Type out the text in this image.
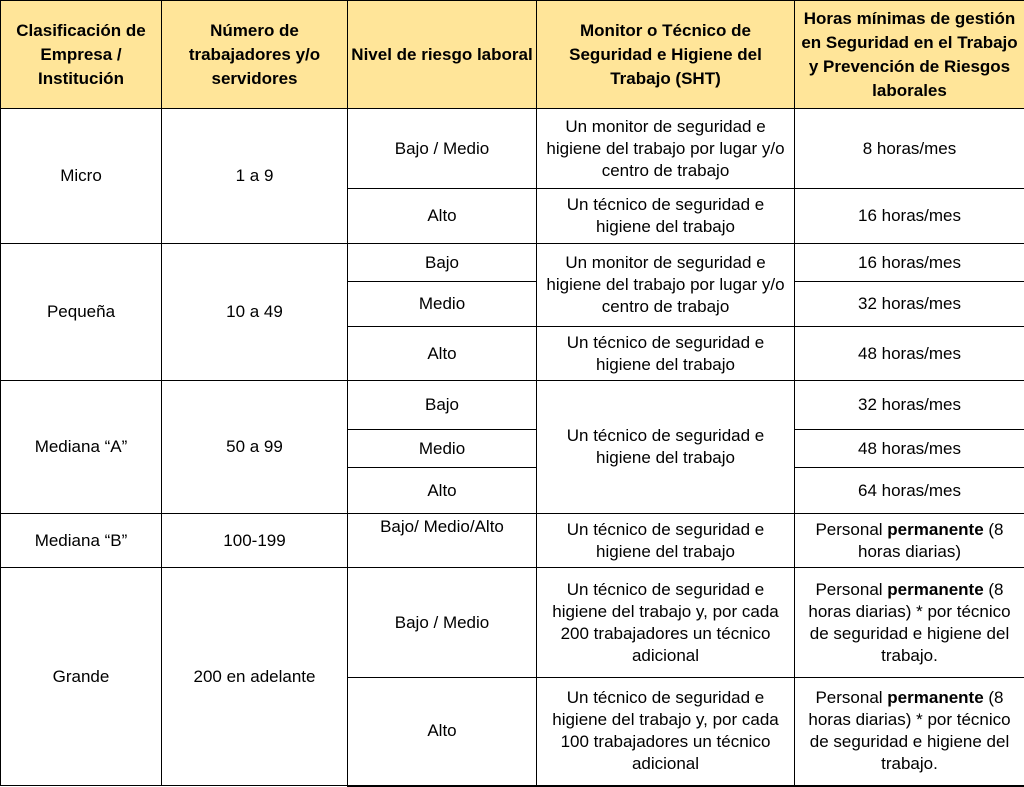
Clasificación de Empresa / Institución	Número de trabajadores y/o servidores	Nivel de riesgo laboral	Monitor o Técnico de Seguridad e Higiene del Trabajo (SHT)	Horas mínimas de gestión en Seguridad en el Trabajo y Prevención de Riesgos laborales
Micro	1 a 9	Bajo / Medio	Un monitor de seguridad e higiene del trabajo por lugar y/o centro de trabajo	8 horas/mes
		Alto	Un técnico de seguridad e higiene del trabajo	16 horas/mes
Pequeña	10 a 49	Bajo	Un monitor de seguridad e higiene del trabajo por lugar y/o centro de trabajo	16 horas/mes
		Medio		32 horas/mes
		Alto	Un técnico de seguridad e higiene del trabajo	48 horas/mes
Mediana “A”	50 a 99	Bajo	Un técnico de seguridad e higiene del trabajo	32 horas/mes
		Medio		48 horas/mes
		Alto		64 horas/mes
Mediana “B”	100-199	Bajo/ Medio/Alto	Un técnico de seguridad e higiene del trabajo	Personal permanente (8 horas diarias)
Grande	200 en adelante	Bajo / Medio	Un técnico de seguridad e higiene del trabajo y, por cada 200 trabajadores un técnico adicional	Personal permanente (8 horas diarias) * por técnico de seguridad e higiene del trabajo.
		Alto	Un técnico de seguridad e higiene del trabajo y, por cada 100 trabajadores un técnico adicional	Personal permanente (8 horas diarias) * por técnico de seguridad e higiene del trabajo.
